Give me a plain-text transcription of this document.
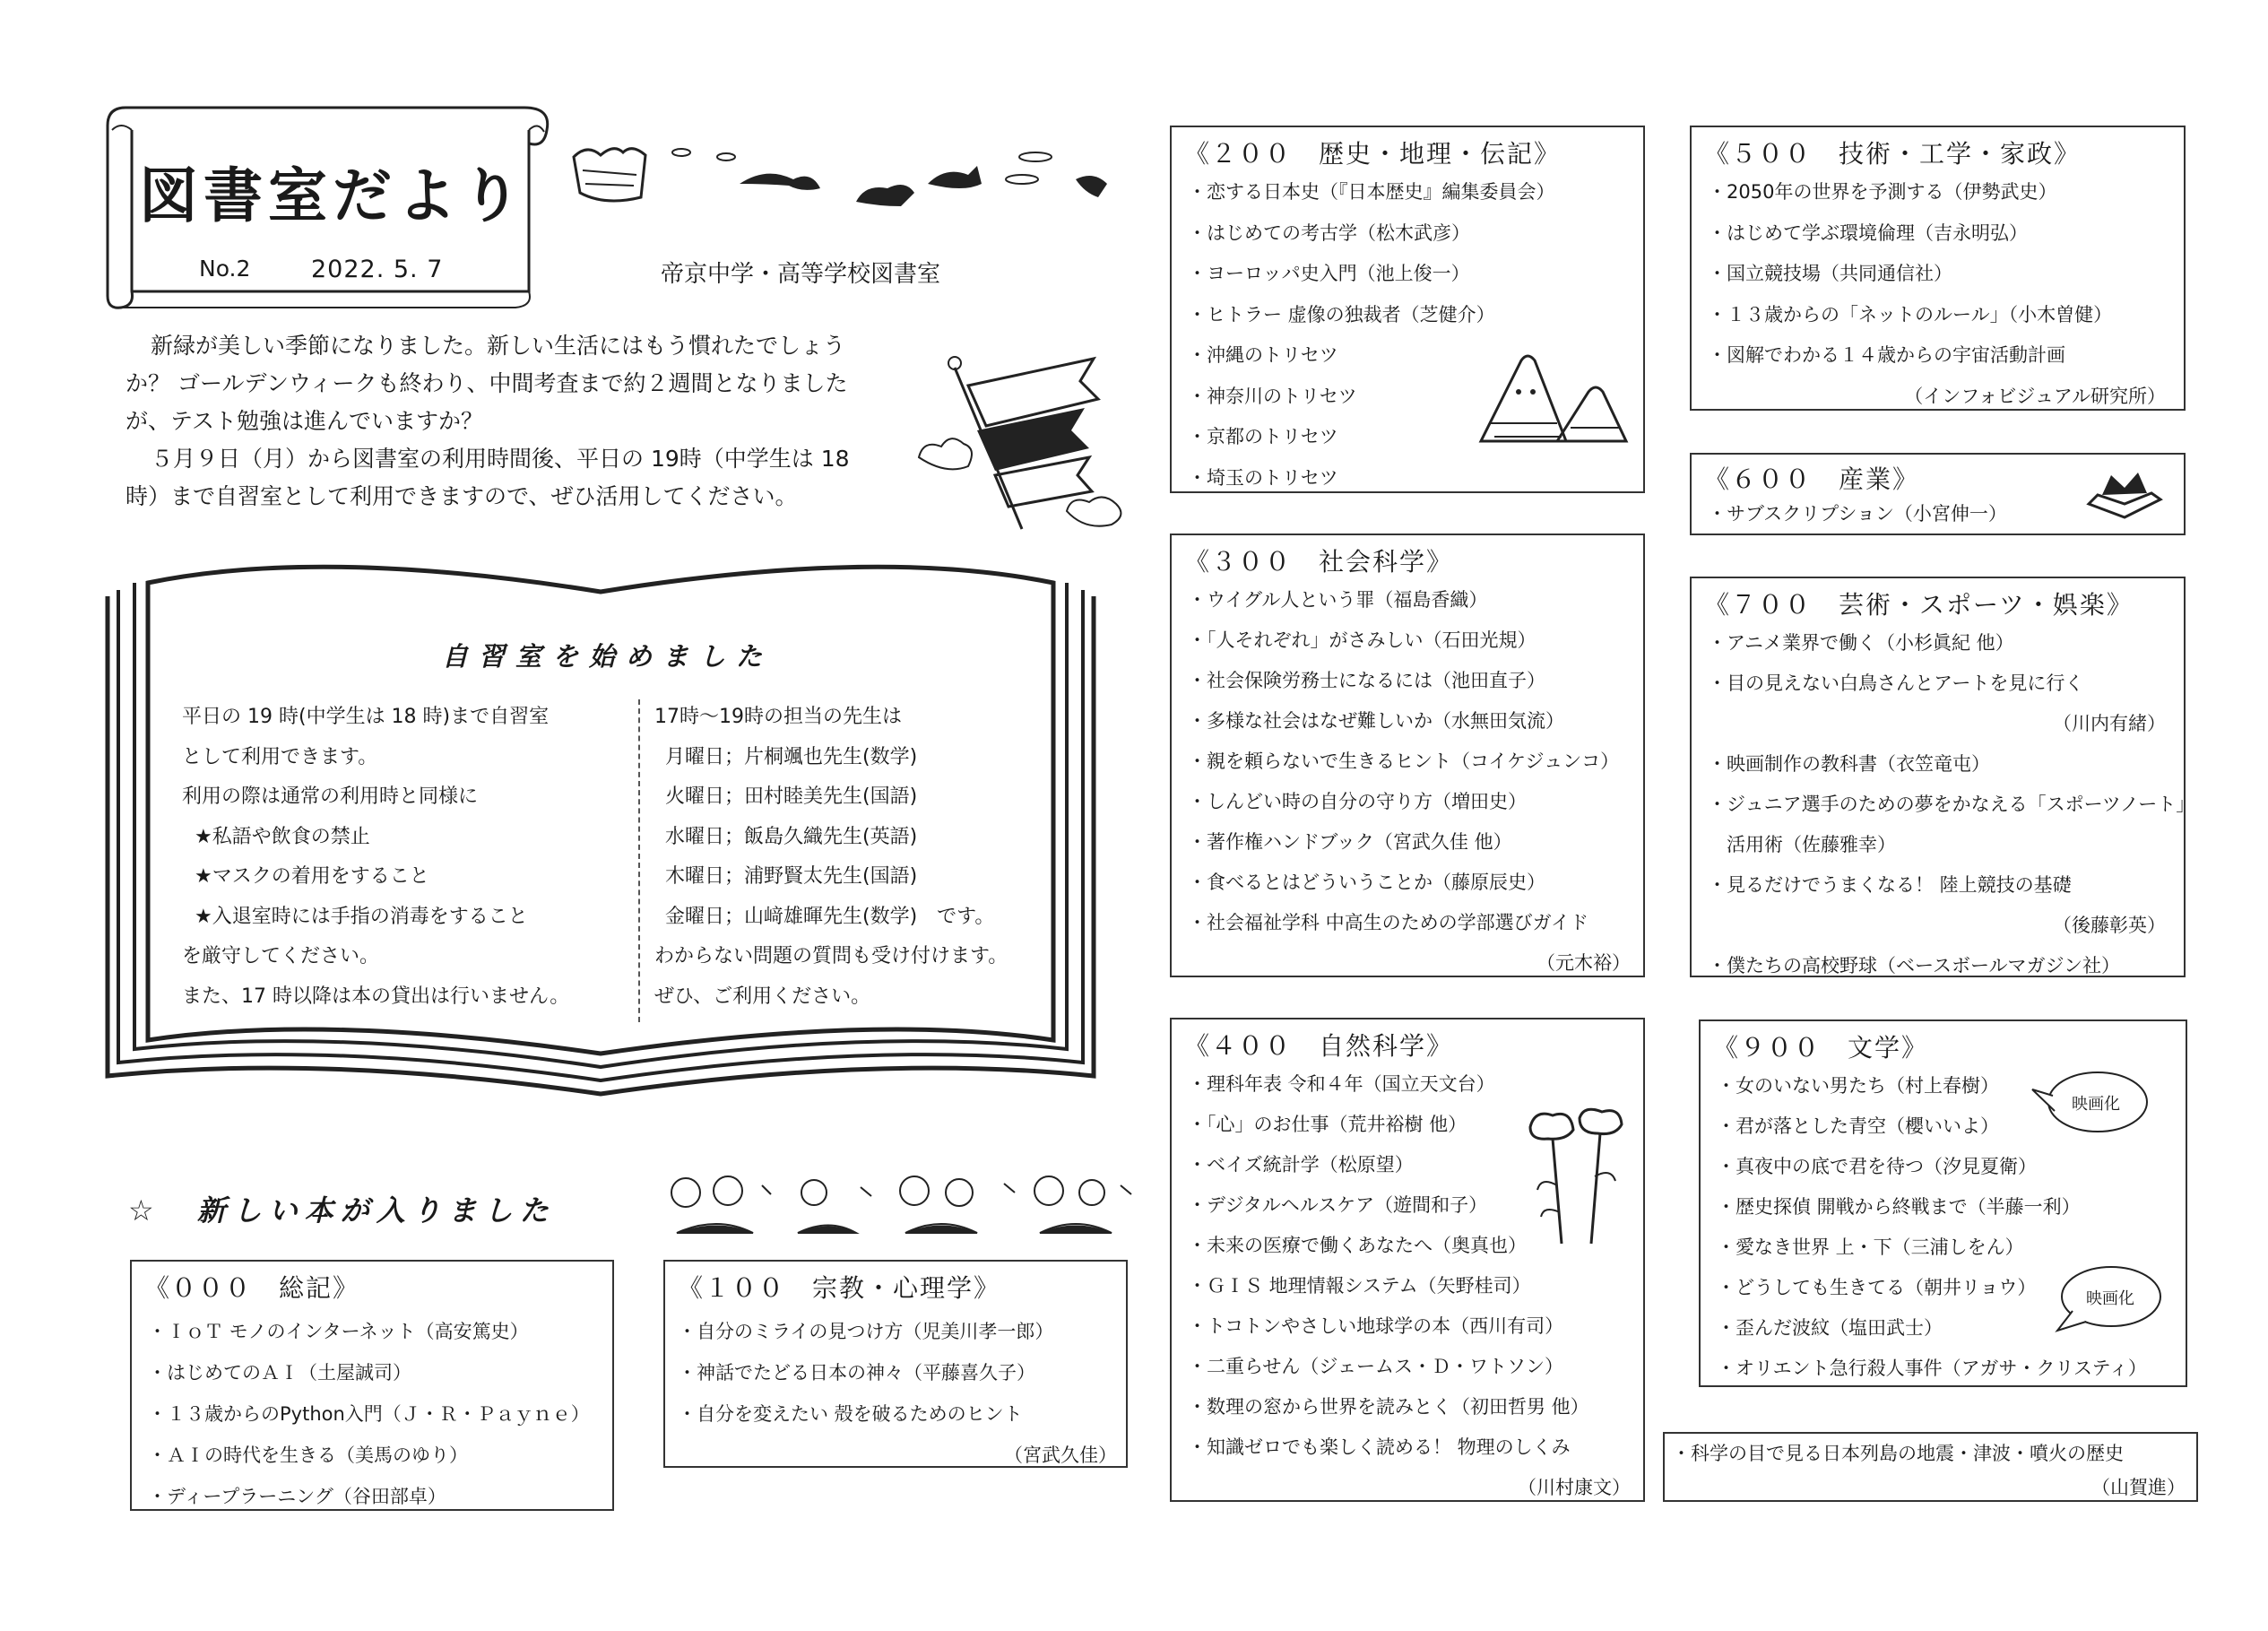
図書室だより
No.2	2022. 5. 7	帝京中学・高等学校図書室
新緑が美しい季節になりました。新しい生活にはもう慣れたでしょう
か？ ゴールデンウィークも終わり、中間考査まで約２週間となりました
が、テスト勉強は進んでいますか？
５月９日（月）から図書室の利用時間後、平日の 19時（中学生は 18
時）まで自習室として利用できますので、ぜひ活用してください。
自習室を始めました

平日の 19 時(中学生は 18 時)まで自習室

として利用できます。

利用の際は通常の利用時と同様に

★私語や飲食の禁止

★マスクの着用をすること

★入退室時には手指の消毒をすること

を厳守してください。

また、17 時以降は本の貸出は行いません。

17時～19時の担当の先生は

月曜日；片桐颯也先生(数学)

火曜日；田村睦美先生(国語)

水曜日；飯島久織先生(英語)

木曜日；浦野賢太先生(国語)

金曜日；山﨑雄暉先生(数学)　です。

わからない問題の質問も受け付けます。

ぜひ、ご利用ください。

☆　新しい本が入りました
《０００　総記》
・ＩｏＴ モノのインターネット（高安篤史）
・はじめてのＡＩ（土屋誠司）
・１３歳からのPython入門（Ｊ・Ｒ・Ｐａｙｎｅ）
・ＡＩの時代を生きる（美馬のゆり）
・ディープラーニング（谷田部卓）
《１００　宗教・心理学》
・自分のミライの見つけ方（児美川孝一郎）
・神話でたどる日本の神々（平藤喜久子）
・自分を変えたい 殻を破るためのヒント
（宮武久佳）
《２００　歴史・地理・伝記》
・恋する日本史（『日本歴史』編集委員会）
・はじめての考古学（松木武彦）
・ヨーロッパ史入門（池上俊一）
・ヒトラー 虚像の独裁者（芝健介）
・沖縄のトリセツ
・神奈川のトリセツ
・京都のトリセツ
・埼玉のトリセツ
《３００　社会科学》
・ウイグル人という罪（福島香織）
・「人それぞれ」がさみしい（石田光規）
・社会保険労務士になるには（池田直子）
・多様な社会はなぜ難しいか（水無田気流）
・親を頼らないで生きるヒント（コイケジュンコ）
・しんどい時の自分の守り方（増田史）
・著作権ハンドブック（宮武久佳 他）
・食べるとはどういうことか（藤原辰史）
・社会福祉学科 中高生のための学部選びガイド
（元木裕）
《４００　自然科学》
・理科年表 令和４年（国立天文台）
・「心」のお仕事（荒井裕樹 他）
・ベイズ統計学（松原望）
・デジタルヘルスケア（遊間和子）
・未来の医療で働くあなたへ（奥真也）
・ＧＩＳ 地理情報システム（矢野桂司）
・トコトンやさしい地球学の本（西川有司）
・二重らせん（ジェームス・Ｄ・ワトソン）
・数理の窓から世界を読みとく（初田哲男 他）
・知識ゼロでも楽しく読める！ 物理のしくみ
（川村康文）
・科学の目で見る日本列島の地震・津波・噴火の歴史
（山賀進）
《５００　技術・工学・家政》
・2050年の世界を予測する（伊勢武史）
・はじめて学ぶ環境倫理（吉永明弘）
・国立競技場（共同通信社）
・１３歳からの「ネットのルール」（小木曽健）
・図解でわかる１４歳からの宇宙活動計画
（インフォビジュアル研究所）
《６００　産業》
・サブスクリプション（小宮伸一）
《７００　芸術・スポーツ・娯楽》
・アニメ業界で働く（小杉眞紀 他）
・目の見えない白鳥さんとアートを見に行く
（川内有緒）
・映画制作の教科書（衣笠竜屯）
・ジュニア選手のための夢をかなえる「スポーツノート」
　活用術（佐藤雅幸）
・見るだけでうまくなる！ 陸上競技の基礎
（後藤彰英）
・僕たちの高校野球（ベースボールマガジン社）
《９００　文学》
・女のいない男たち（村上春樹）
・君が落とした青空（櫻いいよ）
・真夜中の底で君を待つ（汐見夏衛）
・歴史探偵 開戦から終戦まで（半藤一利）
・愛なき世界 上・下（三浦しをん）
・どうしても生きてる（朝井リョウ）
・歪んだ波紋（塩田武士）
・オリエント急行殺人事件（アガサ・クリスティ）
映画化
映画化
